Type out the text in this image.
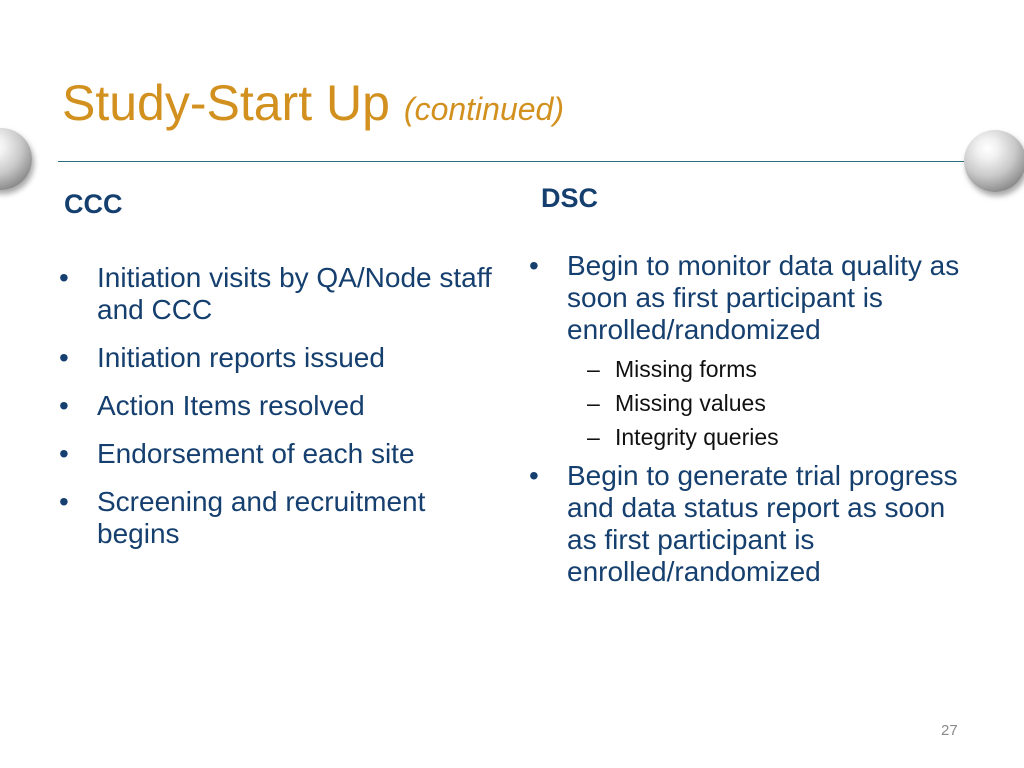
Study-Start Up (continued)
CCC
• Initiation visits by QA/Node staff and CCC
• Initiation reports issued
• Action Items resolved
• Endorsement of each site
• Screening and recruitment begins
DSC
• Begin to monitor data quality as soon as first participant is enrolled/randomized
– Missing forms
– Missing values
– Integrity queries
• Begin to generate trial progress and data status report as soon as first participant is enrolled/randomized
27
